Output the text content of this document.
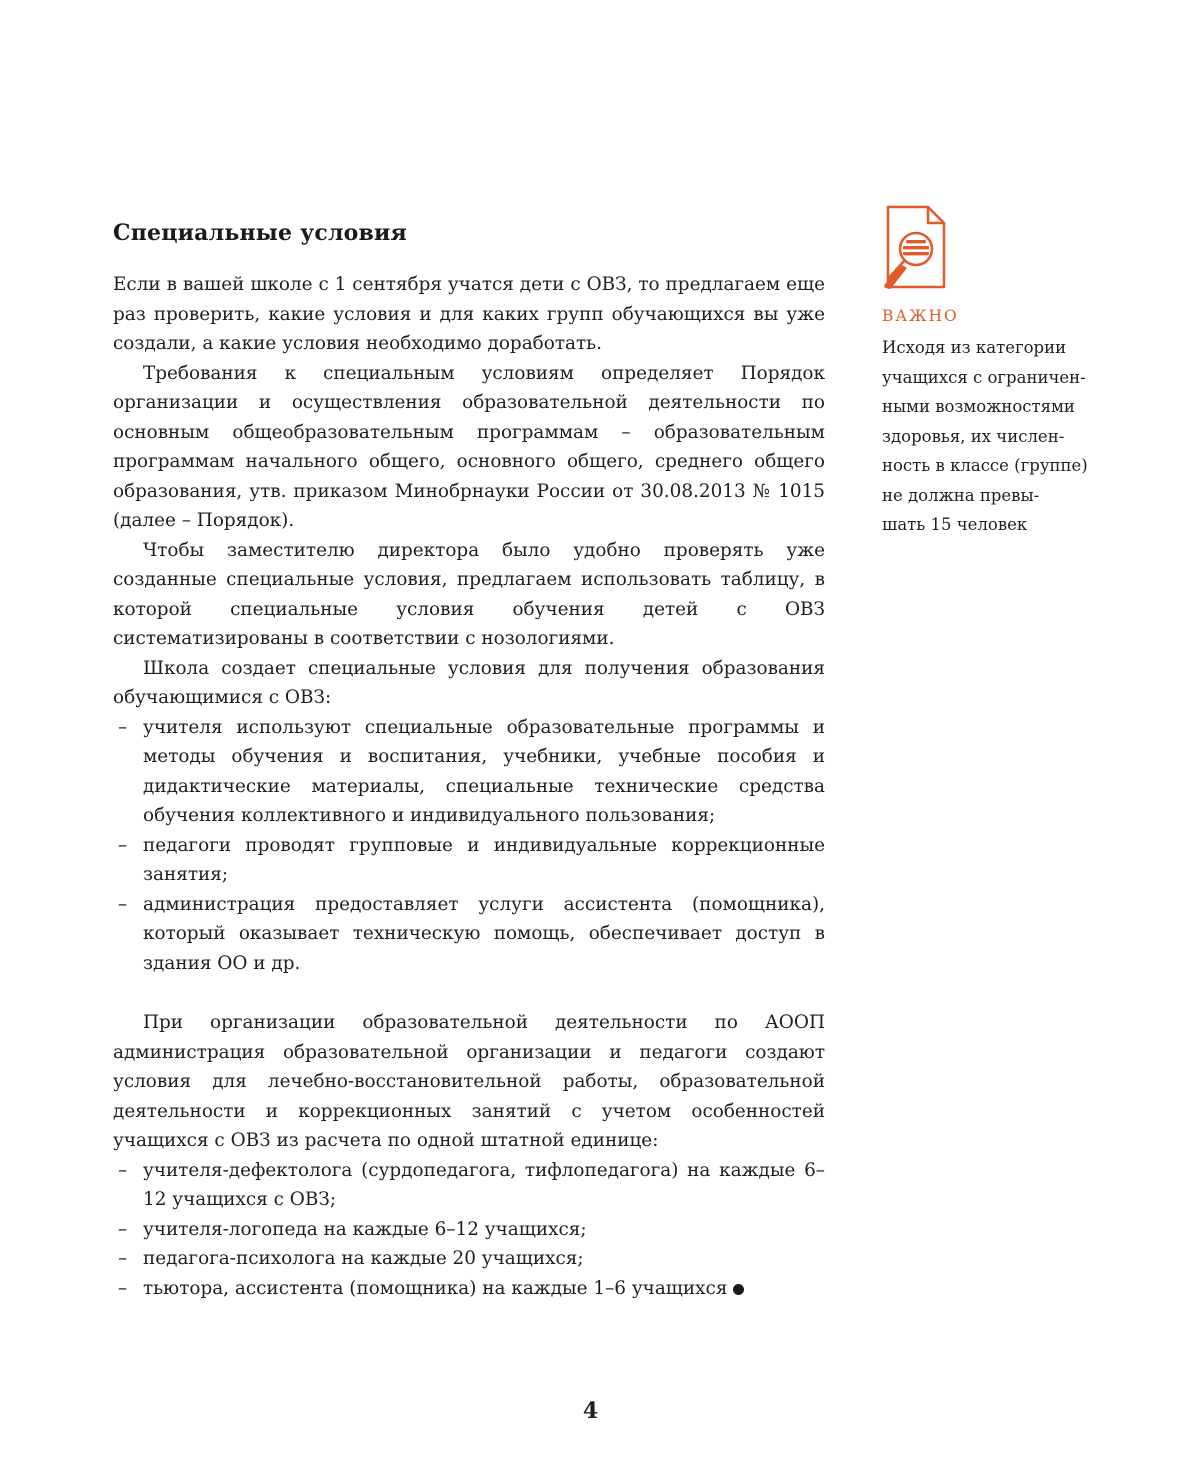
Специальные условия

Если в вашей школе с 1 сентября учатся дети с ОВЗ, то предлагаем еще раз проверить, какие условия и для каких групп обучающихся вы уже создали, а какие условия необходимо доработать.

Требования к специальным условиям определяет Порядок организации и осуществления образовательной деятельности по основным общеобразовательным программам – образовательным программам начального общего, основного общего, среднего общего образования, утв. приказом Минобрнауки России от 30.08.2013 № 1015 (далее – Порядок).

Чтобы заместителю директора было удобно проверять уже созданные специальные условия, предлагаем использовать таблицу, в которой специальные условия обучения детей с ОВЗ систематизированы в соответствии с нозологиями.

Школа создает специальные условия для получения образования обучающимися с ОВЗ:

– учителя используют специальные образовательные программы и методы обучения и воспитания, учебники, учебные пособия и дидактические материалы, специальные технические средства обучения коллективного и индивидуального пользования;
– педагоги проводят групповые и индивидуальные коррекционные занятия;
– администрация предоставляет услуги ассистента (помощника), который оказывает техническую помощь, обеспечивает доступ в здания ОО и др.

При организации образовательной деятельности по АООП администрация образовательной организации и педагоги создают условия для лечебно-восстановительной работы, образовательной деятельности и коррекционных занятий с учетом особенностей учащихся с ОВЗ из расчета по одной штатной единице:

– учителя-дефектолога (сурдопедагога, тифлопедагога) на каждые 6–12 учащихся с ОВЗ;
– учителя-логопеда на каждые 6–12 учащихся;
– педагога-психолога на каждые 20 учащихся;
– тьютора, ассистента (помощника) на каждые 1–6 учащихся
ВАЖНО
Исходя из категории
учащихся с ограничен-
ными возможностями
здоровья, их числен-
ность в классе (группе)
не должна превы-
шать 15 человек
4
